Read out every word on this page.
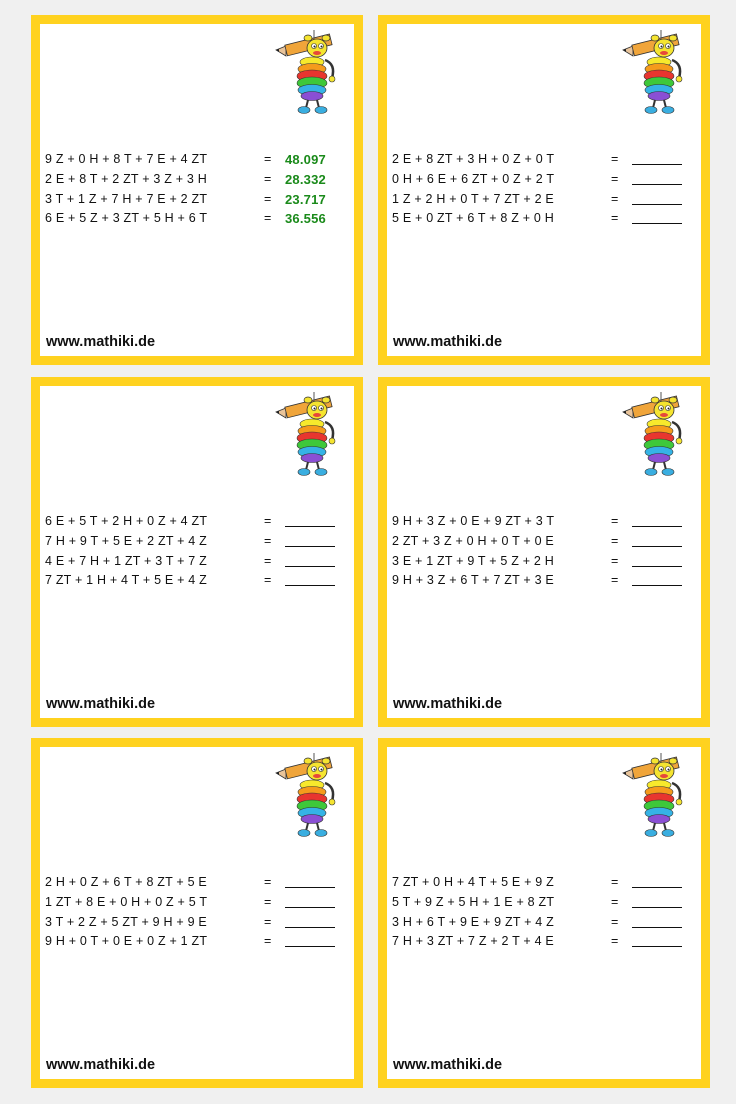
9 Z + 0 H + 8 T + 7 E + 4 ZT	= 48.097
2 E + 8 T + 2 ZT + 3 Z + 3 H	= 28.332
3 T + 1 Z + 7 H + 7 E + 2 ZT	= 23.717
6 E + 5 Z + 3 ZT + 5 H + 6 T	= 36.556
www.mathiki.de
2 E + 8 ZT + 3 H + 0 Z + 0 T	=
0 H + 6 E + 6 ZT + 0 Z + 2 T	=
1 Z + 2 H + 0 T + 7 ZT + 2 E	=
5 E + 0 ZT + 6 T + 8 Z + 0 H	=
www.mathiki.de
6 E + 5 T + 2 H + 0 Z + 4 ZT	=
7 H + 9 T + 5 E + 2 ZT + 4 Z	=
4 E + 7 H + 1 ZT + 3 T + 7 Z	=
7 ZT + 1 H + 4 T + 5 E + 4 Z	=
www.mathiki.de
9 H + 3 Z + 0 E + 9 ZT + 3 T	=
2 ZT + 3 Z + 0 H + 0 T + 0 E	=
3 E + 1 ZT + 9 T + 5 Z + 2 H	=
9 H + 3 Z + 6 T + 7 ZT + 3 E	=
www.mathiki.de
2 H + 0 Z + 6 T + 8 ZT + 5 E	=
1 ZT + 8 E + 0 H + 0 Z + 5 T	=
3 T + 2 Z + 5 ZT + 9 H + 9 E	=
9 H + 0 T + 0 E + 0 Z + 1 ZT	=
www.mathiki.de
7 ZT + 0 H + 4 T + 5 E + 9 Z	=
5 T + 9 Z + 5 H + 1 E + 8 ZT	=
3 H + 6 T + 9 E + 9 ZT + 4 Z	=
7 H + 3 ZT + 7 Z + 2 T + 4 E	=
www.mathiki.de
